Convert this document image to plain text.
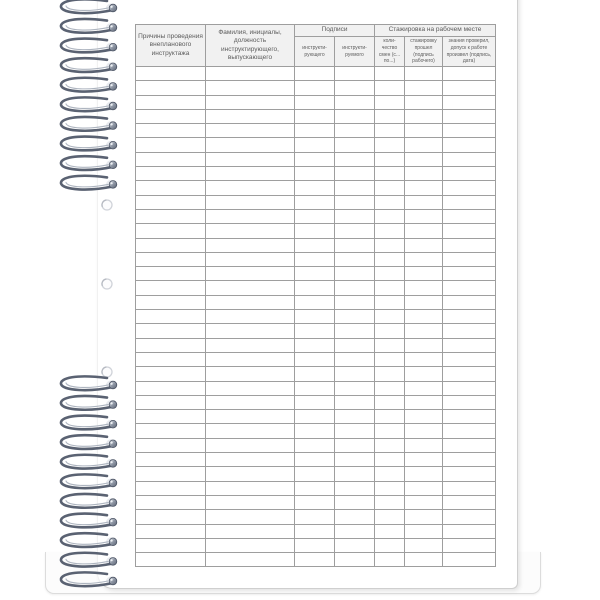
Причины проведения внепланового инструктажа	Фамилия, инициалы, должность инструктирующего, выпускающего	Подписи		Стажировка на рабочем месте		
		инструкти-рующего	инструкти-руемого	коли-чество смен (с... по...)	стажировку прошел (подпись рабочего)	знания проверил, допуск к работе произвел (подпись, дата)
